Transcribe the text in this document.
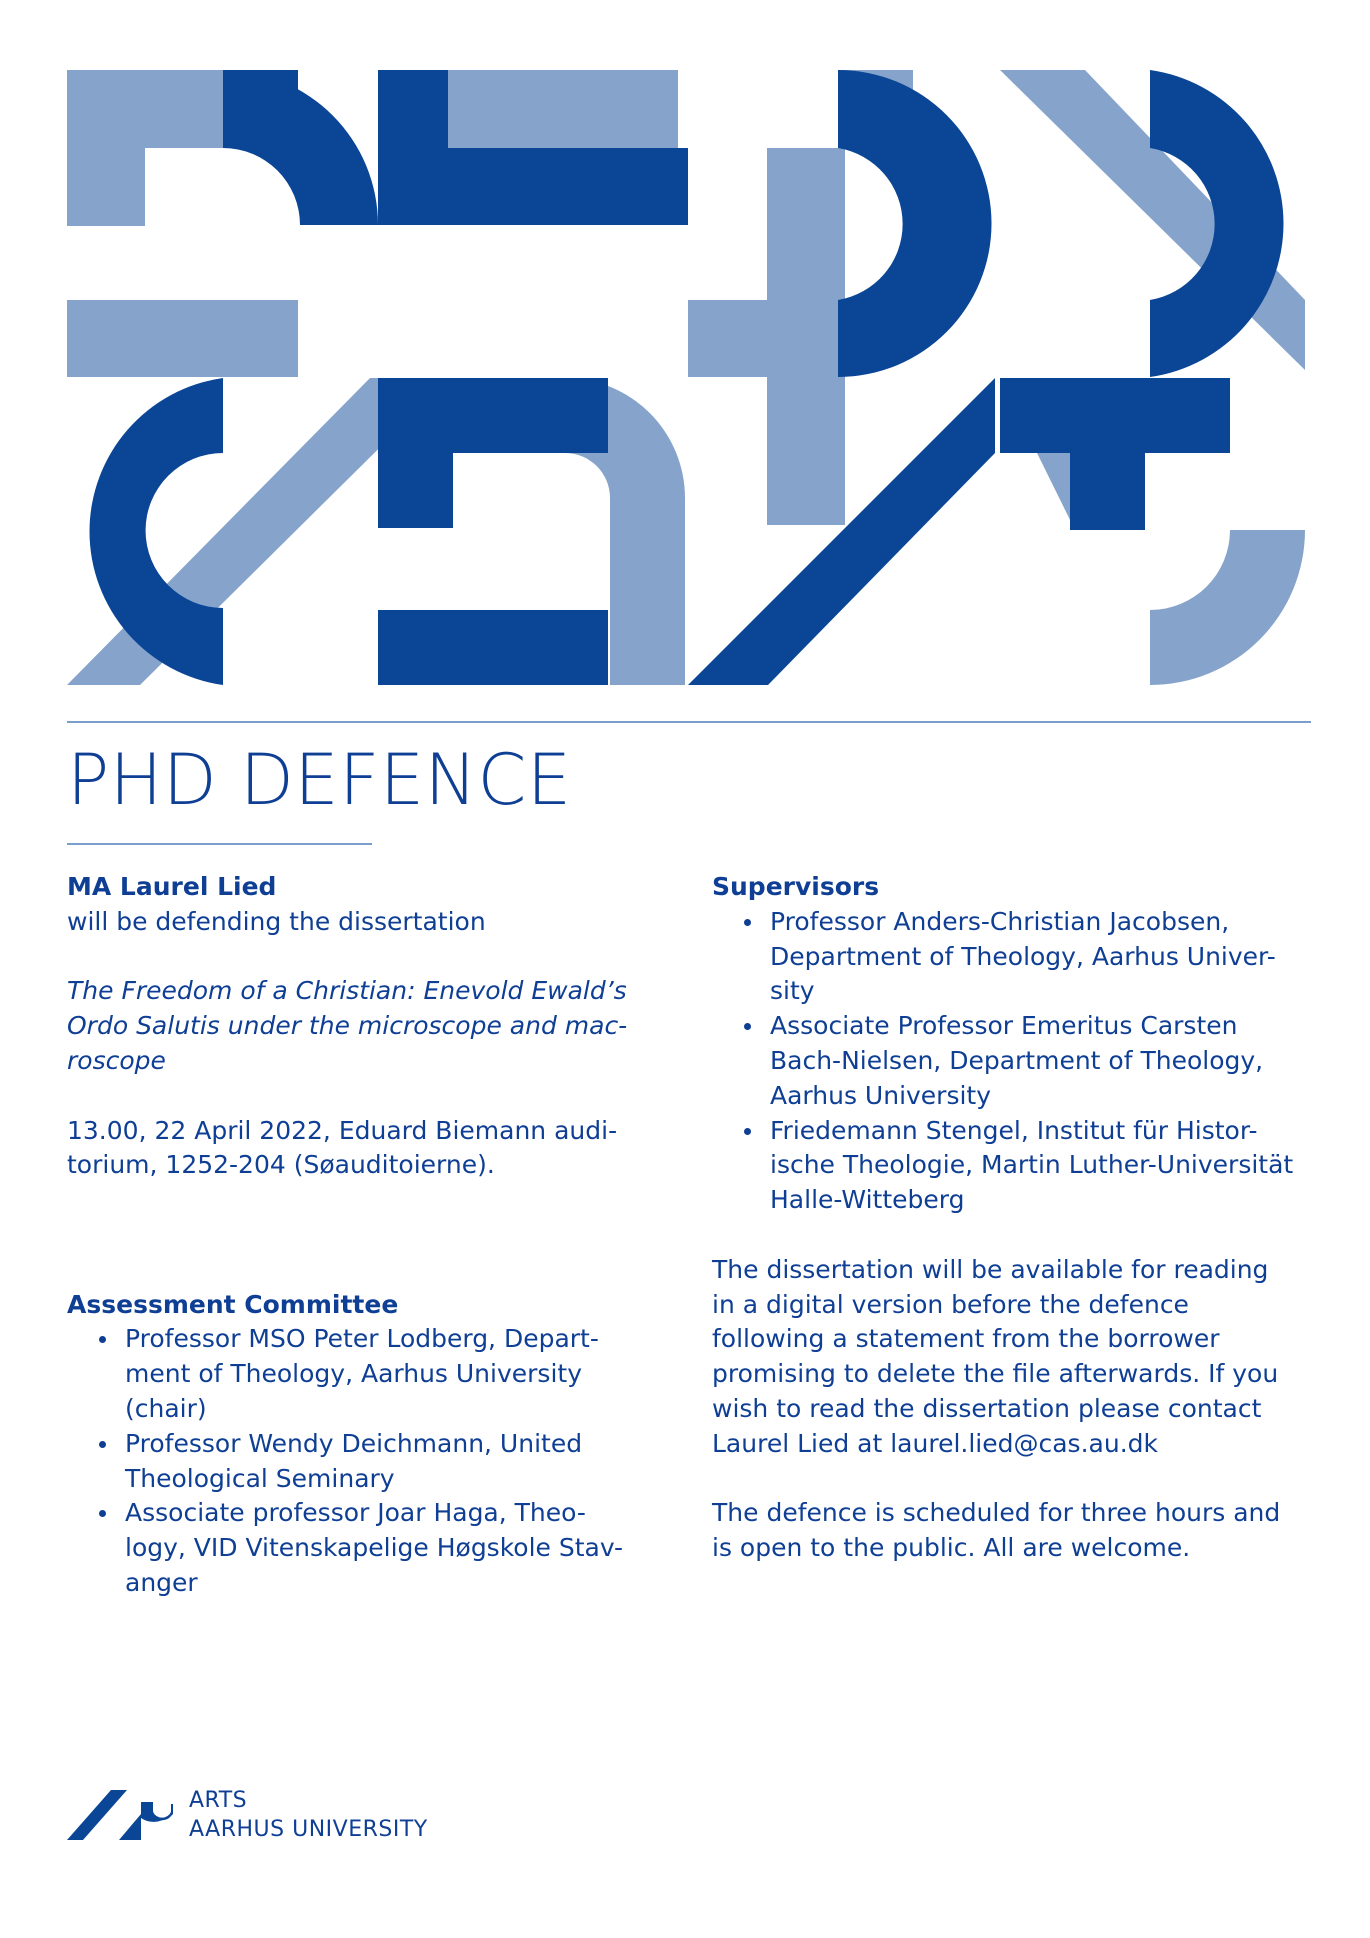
PHD DEFENCE

MA Laurel Lied

will be defending the dissertation

The Freedom of a Christian: Enevold Ewald’s
Ordo Salutis under the microscope and mac-
roscope

13.00, 22 April 2022, Eduard Biemann audi-
torium, 1252-204 (Søauditoierne).

Assessment Committee

Professor MSO Peter Lodberg, Depart-
ment of Theology, Aarhus University
(chair)
Professor Wendy Deichmann, United
Theological Seminary
Associate professor Joar Haga, Theo-
logy, VID Vitenskapelige Høgskole Stav-
anger

Supervisors

Professor Anders-Christian Jacobsen,
Department of Theology, Aarhus Univer-
sity
Associate Professor Emeritus Carsten
Bach-Nielsen, Department of Theology,
Aarhus University
Friedemann Stengel, Institut für Histor-
ische Theologie, Martin Luther-Universität
Halle-Witteberg

The dissertation will be available for reading
in a digital version before the defence
following a statement from the borrower
promising to delete the file afterwards. If you
wish to read the dissertation please contact
Laurel Lied at laurel.lied@cas.au.dk

The defence is scheduled for three hours and
is open to the public. All are welcome.

ARTS
AARHUS UNIVERSITY
